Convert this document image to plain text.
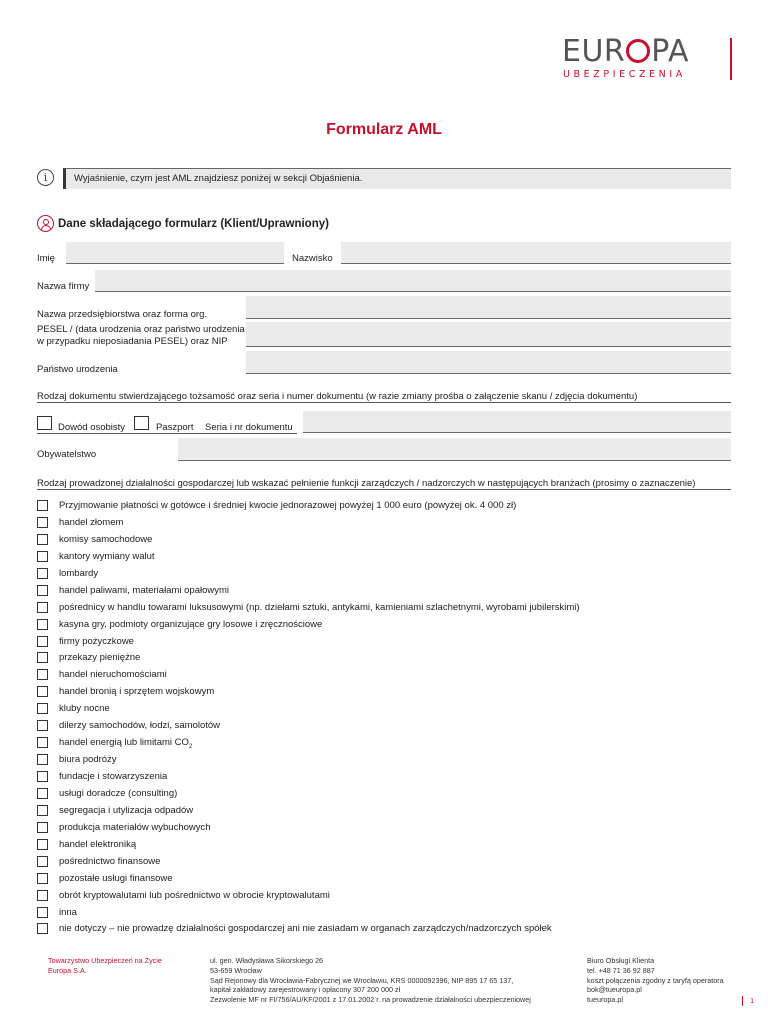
EUR PA
UBEZPIECZENIA
Formularz AML
i	Wyjaśnienie, czym jest AML znajdziesz poniżej w sekcji Objaśnienia.
Dane składającego formularz (Klient/Uprawniony)
Imię	Nazwisko
Nazwa firmy
Nazwa przedsiębiorstwa oraz forma org.
PESEL / (data urodzenia oraz państwo urodzenia
w przypadku nieposiadania PESEL) oraz NIP
Państwo urodzenia
Rodzaj dokumentu stwierdzającego tożsamość oraz seria i numer dokumentu (w razie zmiany prośba o załączenie skanu / zdjęcia dokumentu)
Dowód osobisty	Paszport Seria i nr dokumentu
Obywatelstwo
Rodzaj prowadzonej działalności gospodarczej lub wskazać pełnienie funkcji zarządczych / nadzorczych w następujących branżach (prosimy o zaznaczenie)
Przyjmowanie płatności w gotówce i średniej kwocie jednorazowej powyżej 1 000 euro (powyżej ok. 4 000 zł)
handel złomem
komisy samochodowe
kantory wymiany walut
lombardy
handel paliwami, materiałami opałowymi
pośrednicy w handlu towarami luksusowymi (np. dziełami sztuki, antykami, kamieniami szlachetnymi, wyrobami jubilerskimi)
kasyna gry, podmioty organizujące gry losowe i zręcznościowe
firmy pożyczkowe
przekazy pieniężne
handel nieruchomościami
handel bronią i sprzętem wojskowym
kluby nocne
dilerzy samochodów, łodzi, samolotów
handel energią lub limitami $CO_2$
biura podróży
fundacje i stowarzyszenia
usługi doradcze (consulting)
segregacja i utylizacja odpadów
produkcja materiałów wybuchowych
handel elektroniką
pośrednictwo finansowe
pozostałe usługi finansowe
obrót kryptowalutami lub pośrednictwo w obrocie kryptowalutami
inna
nie dotyczy – nie prowadzę działalności gospodarczej ani nie zasiadam w organach zarządczych/nadzorczych spółek
Towarzystwo Ubezpieczeń na Życie
Europa S.A.
ul. gen. Władysława Sikorskiego 26
53-659 Wrocław
Sąd Rejonowy dla Wrocławia-Fabrycznej we Wrocławiu, KRS 0000092396, NIP 895 17 65 137,
kapitał zakładowy zarejestrowany i opłacony 307 200 000 zł
Zezwolenie MF nr FI/756/AU/KF/2001 z 17.01.2002 r. na prowadzenie działalności ubezpieczeniowej
Biuro Obsługi Klienta
tel. +48 71 36 92 887
koszt połączenia zgodny z taryfą operatora
bok@tueuropa.pl
tueuropa.pl	1
